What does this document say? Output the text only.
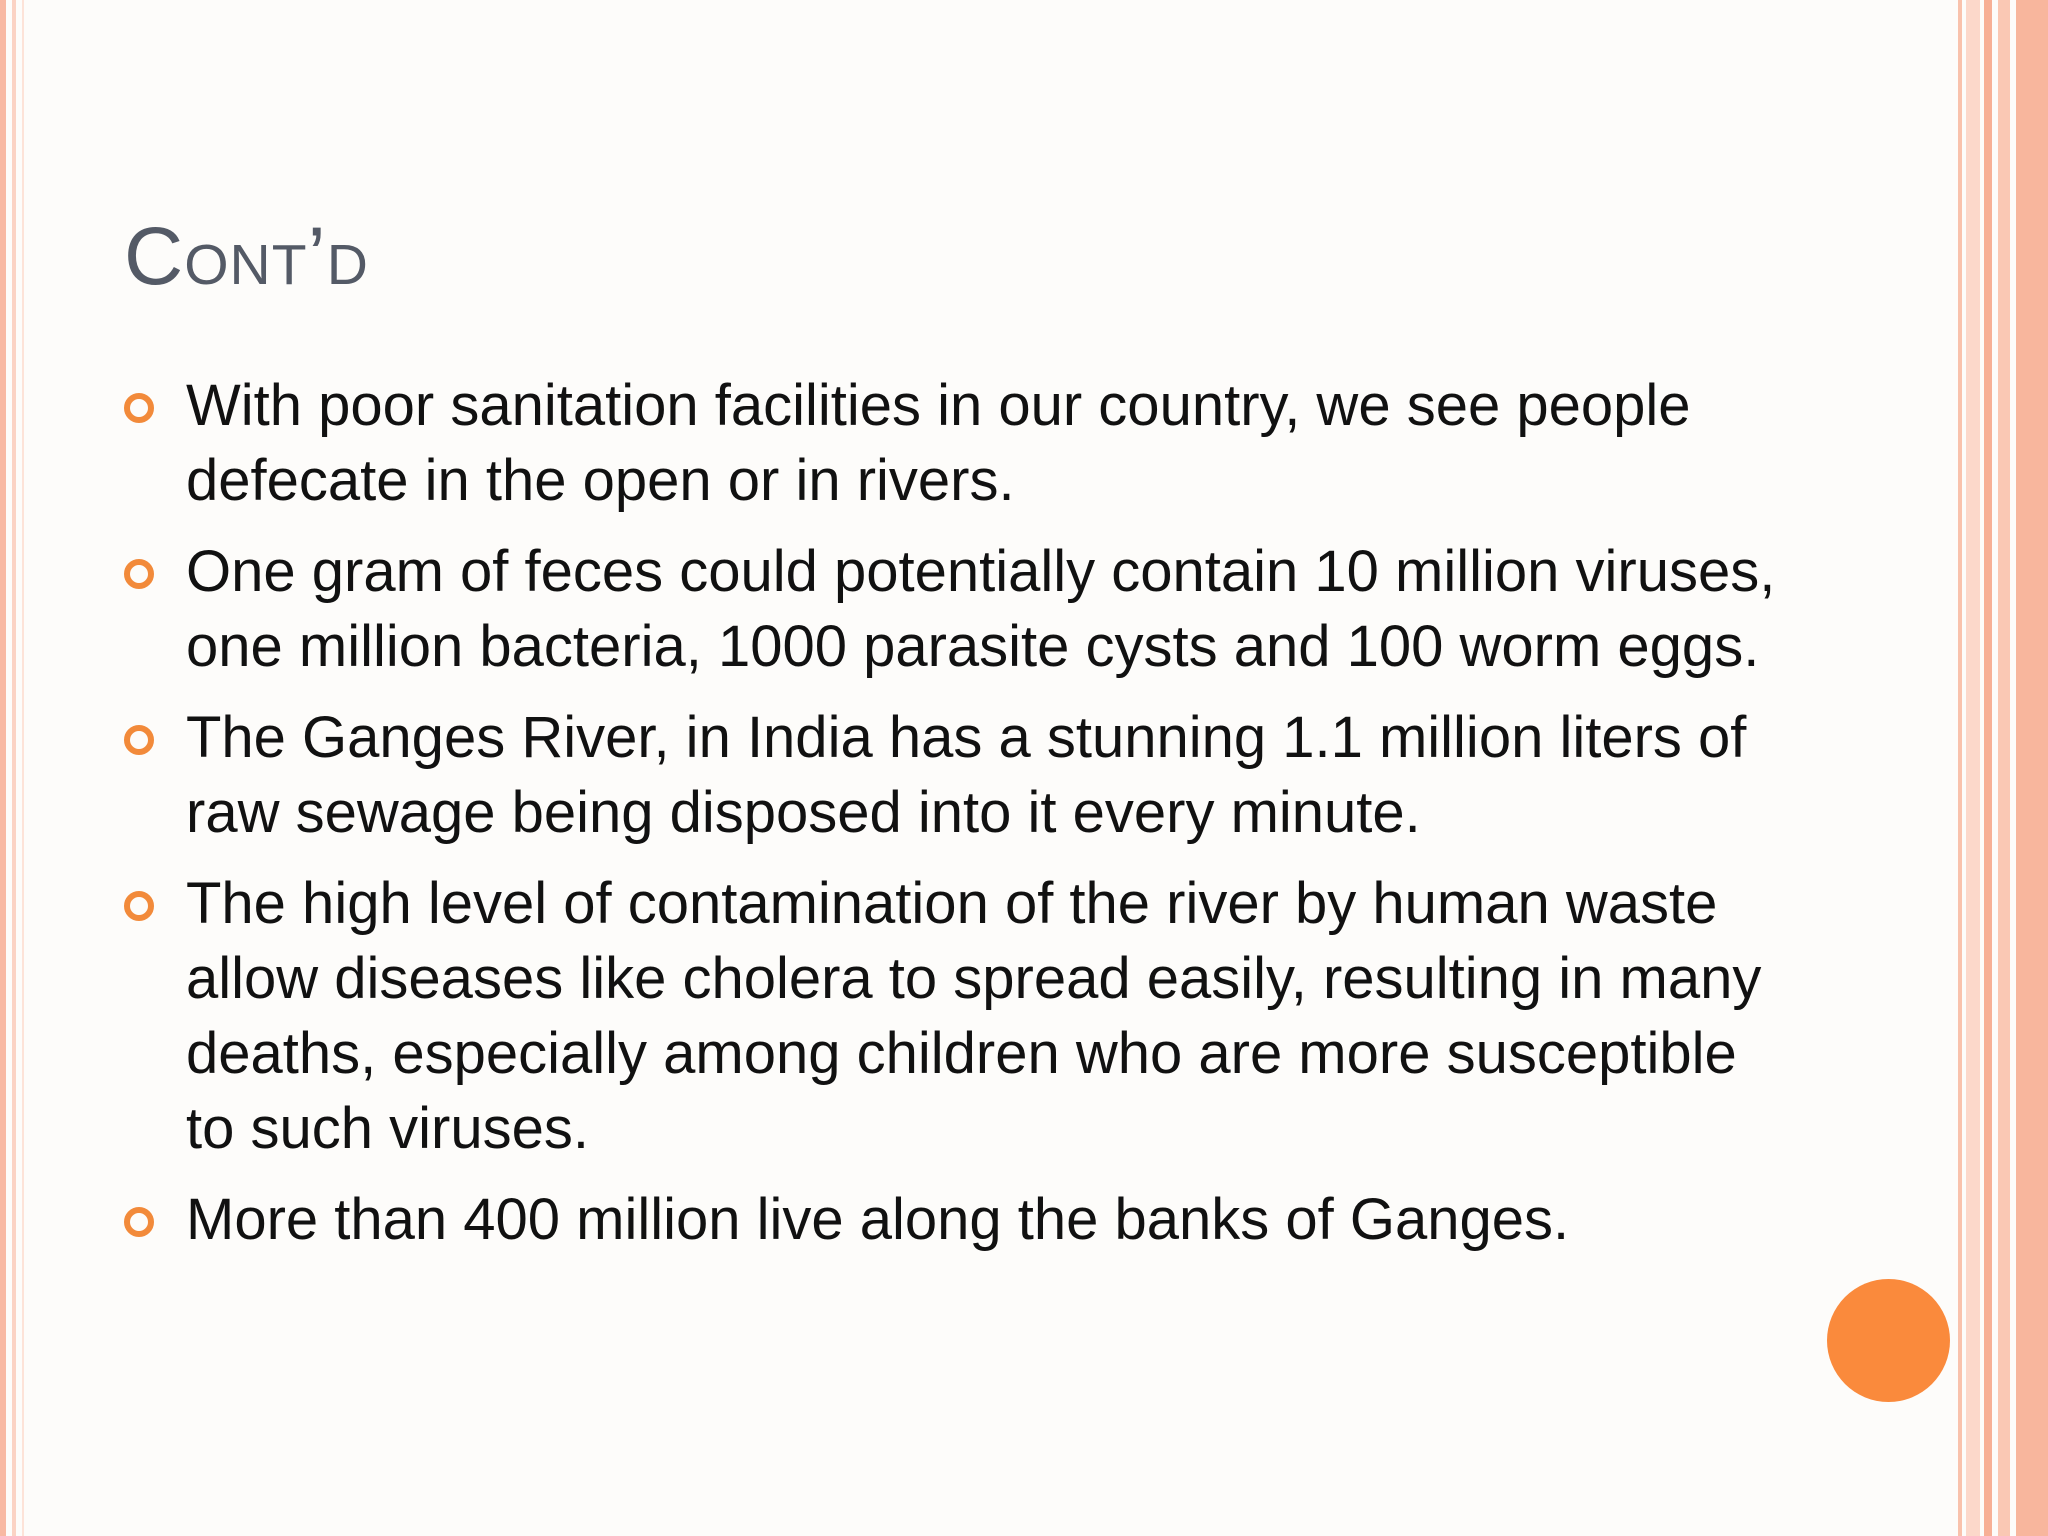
Cont’d
With poor sanitation facilities in our country, we see people defecate in the open or in rivers.
One gram of feces could potentially contain 10 million viruses, one million bacteria, 1000 parasite cysts and 100 worm eggs.
The Ganges River, in India has a stunning 1.1 million liters of raw sewage being disposed into it every minute.
The high level of contamination of the river by human waste allow diseases like cholera to spread easily, resulting in many deaths, especially among children who are more susceptible to such viruses.
More than 400 million live along the banks of Ganges.
